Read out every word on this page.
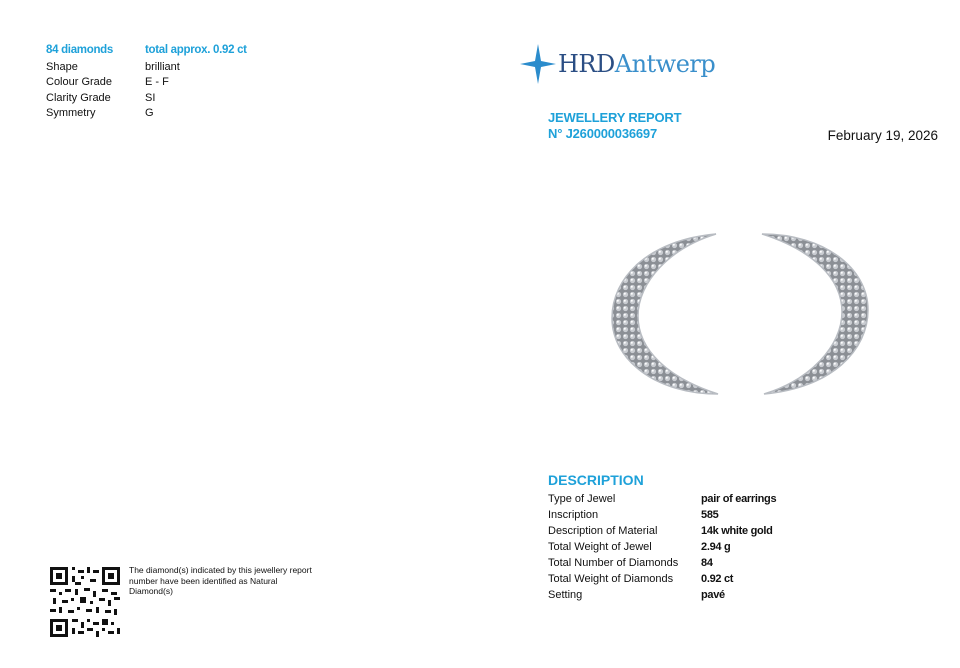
84 diamonds	total approx. 0.92 ct
Shape	brilliant
Colour Grade	E - F
Clarity Grade	SI
Symmetry	G
HRDAntwerp
JEWELLERY REPORT
N° J260000036697	February 19, 2026
DESCRIPTION
Type of Jewel	pair of earrings
Inscription	585
Description of Material	14k white gold
Total Weight of Jewel	2.94 g
Total Number of Diamonds	84
Total Weight of Diamonds	0.92 ct
Setting	pavé
The diamond(s) indicated by this jewellery report number have been identified as Natural Diamond(s)
